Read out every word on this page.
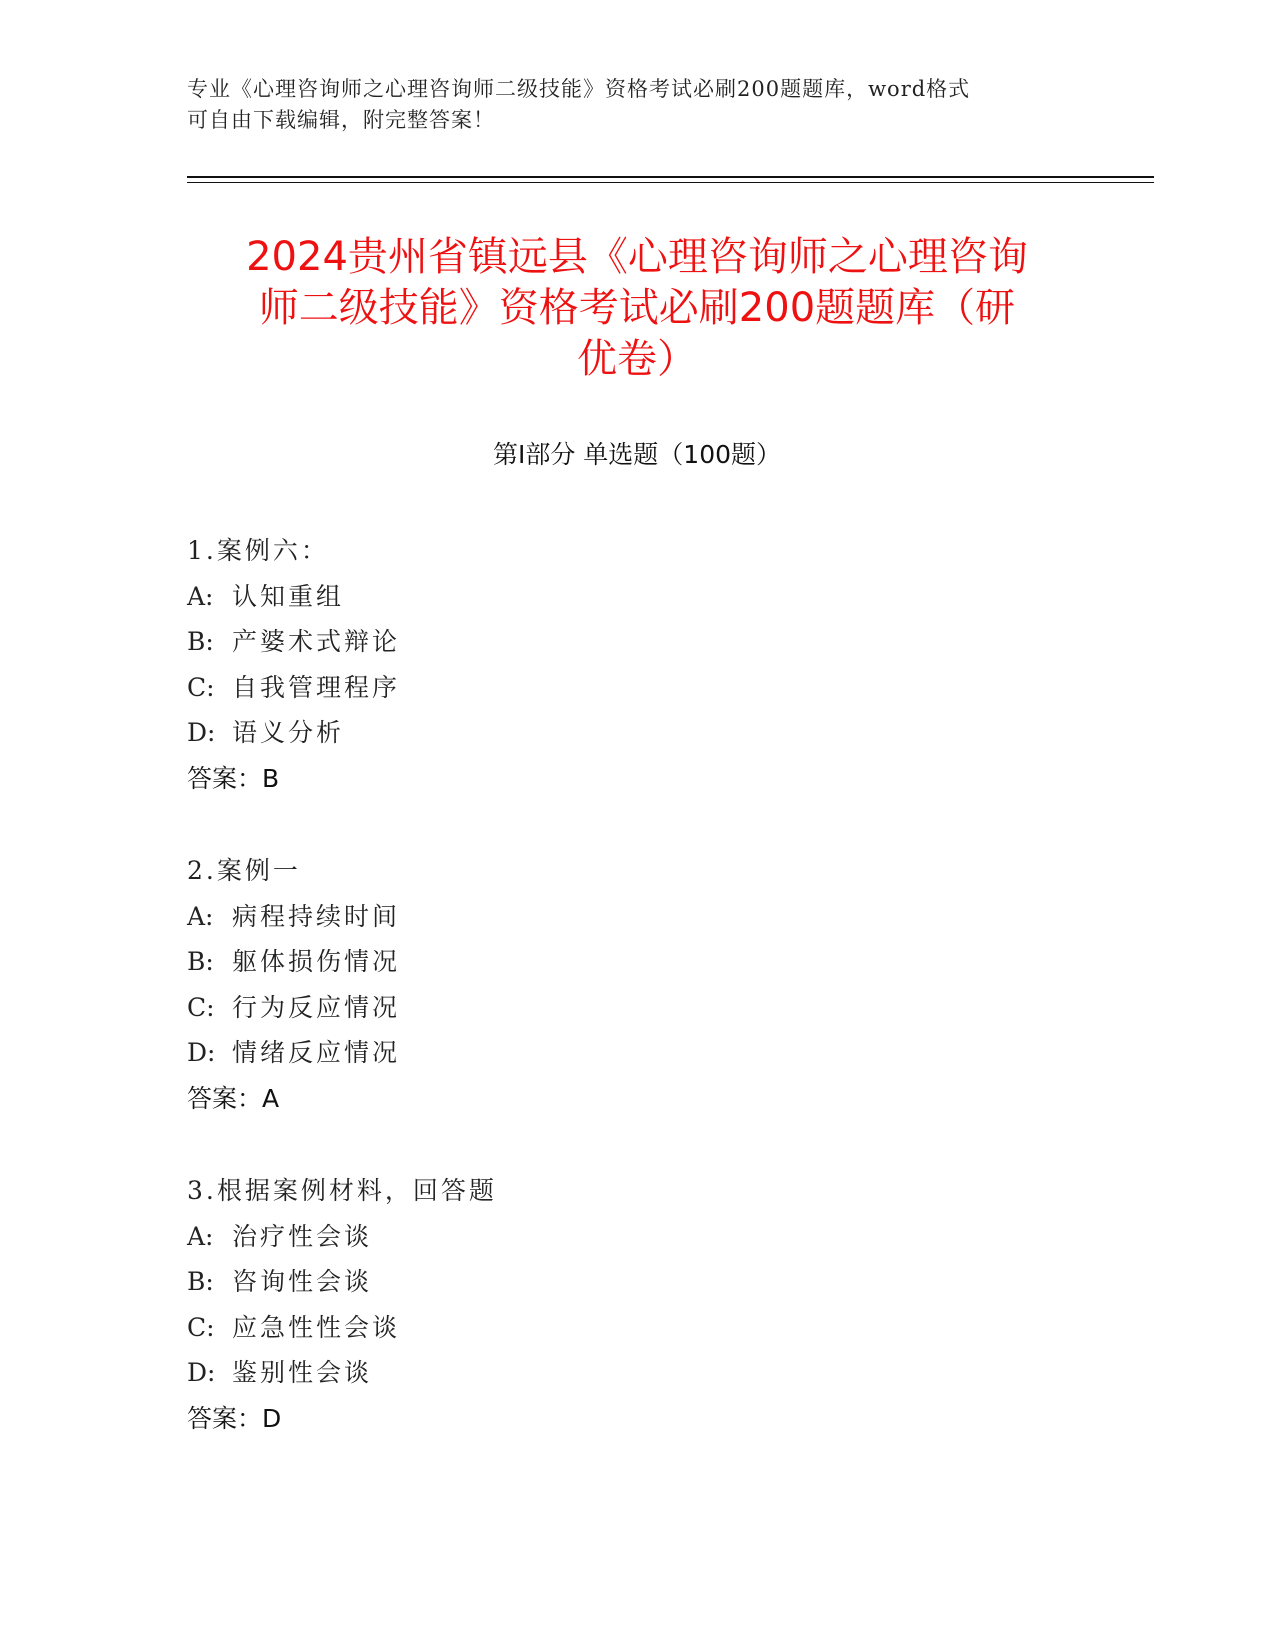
专业《心理咨询师之心理咨询师二级技能》资格考试必刷200题题库，word格式
可自由下载编辑，附完整答案！
2024贵州省镇远县《心理咨询师之心理咨询
师二级技能》资格考试必刷200题题库（研
优卷）
第Ⅰ部分 单选题（100题）
1.案例六：
A: 认知重组
B: 产婆术式辩论
C: 自我管理程序
D: 语义分析
答案：B
2.案例一
A: 病程持续时间
B: 躯体损伤情况
C: 行为反应情况
D: 情绪反应情况
答案：A
3.根据案例材料，回答题
A: 治疗性会谈
B: 咨询性会谈
C: 应急性性会谈
D: 鉴别性会谈
答案：D
